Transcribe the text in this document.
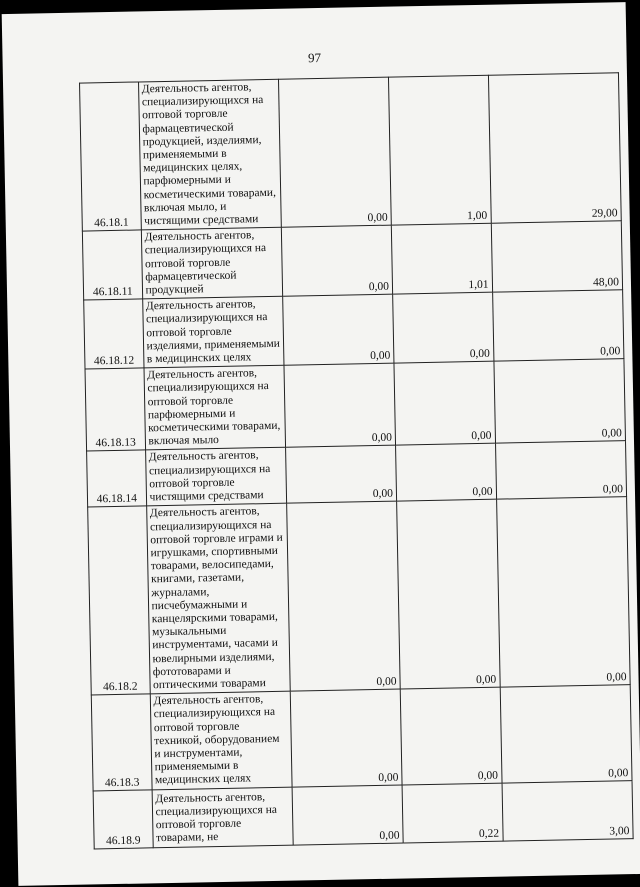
97
46.18.1	Деятельность агентов, специализирующихся на оптовой торговле фармацевтической продукцией, изделиями, применяемыми в медицинских целях, парфюмерными и косметическими товарами, включая мыло, и чистящими средствами	0,00	1,00	29,00
46.18.11	Деятельность агентов, специализирующихся на оптовой торговле фармацевтической продукцией	0,00	1,01	48,00
46.18.12	Деятельность агентов, специализирующихся на оптовой торговле изделиями, применяемыми в медицинских целях	0,00	0,00	0,00
46.18.13	Деятельность агентов, специализирующихся на оптовой торговле парфюмерными и косметическими товарами, включая мыло	0,00	0,00	0,00
46.18.14	Деятельность агентов, специализирующихся на оптовой торговле чистящими средствами	0,00	0,00	0,00
46.18.2	Деятельность агентов, специализирующихся на оптовой торговле играми и игрушками, спортивными товарами, велосипедами, книгами, газетами, журналами, писчебумажными и канцелярскими товарами, музыкальными инструментами, часами и ювелирными изделиями, фототоварами и оптическими товарами	0,00	0,00	0,00
46.18.3	Деятельность агентов, специализирующихся на оптовой торговле техникой, оборудованием и инструментами, применяемыми в медицинских целях	0,00	0,00	0,00
46.18.9	Деятельность агентов, специализирующихся на оптовой торговле товарами, не	0,00	0,22	3,00
